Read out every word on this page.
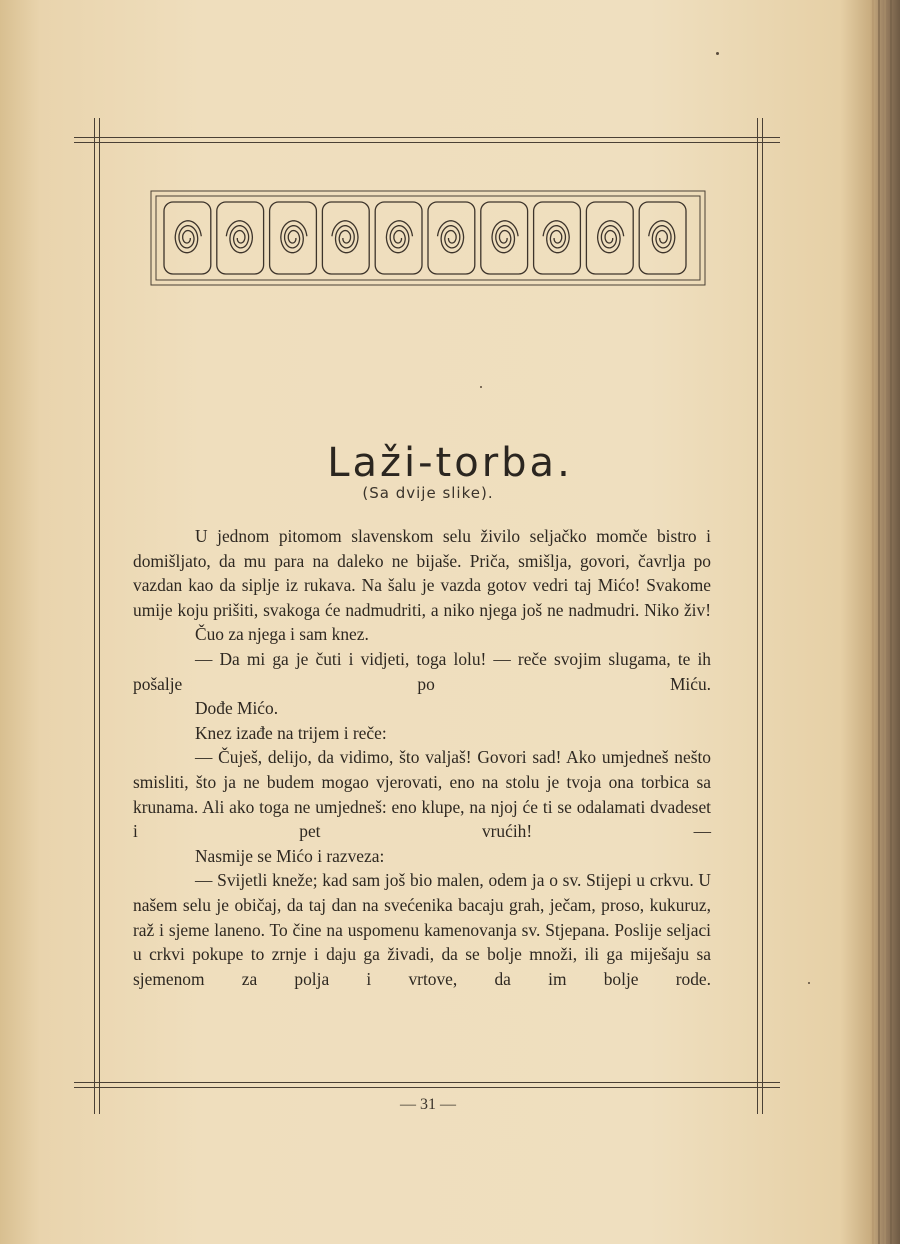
Laži-torba.
(Sa dvije slike).

U jednom pitomom slavenskom selu živilo seljačko momče bistro i domišljato, da mu para na daleko ne bijaše. Priča, smišlja, govori, čavrlja po vazdan kao da siplje iz rukava. Na šalu je vazda gotov vedri taj Mićo! Svakome umije koju prišiti, svakoga će nadmudriti, a niko njega još ne nadmudri. Niko živ!

Čuo za njega i sam knez.

— Da mi ga je čuti i vidjeti, toga lolu! — reče svojim slugama, te ih pošalje po Miću.

Dođe Mićo.

Knez izađe na trijem i reče:

— Čuješ, delijo, da vidimo, što valjaš! Govori sad! Ako umjedneš nešto smisliti, što ja ne budem mogao vjerovati, eno na stolu je tvoja ona torbica sa krunama. Ali ako toga ne umjedneš: eno klupe, na njoj će ti se odalamati dvadeset i pet vrućih! —

Nasmije se Mićo i razveza:

— Svijetli kneže; kad sam još bio malen, odem ja o sv. Stijepi u crkvu. U našem selu je običaj, da taj dan na svećenika bacaju grah, ječam, proso, kukuruz, raž i sjeme laneno. To čine na uspomenu kamenovanja sv. Stjepana. Poslije seljaci u crkvi pokupe to zrnje i daju ga živadi, da se bolje množi, ili ga miješaju sa sjemenom za polja i vrtove, da im bolje rode.

— 31 —
